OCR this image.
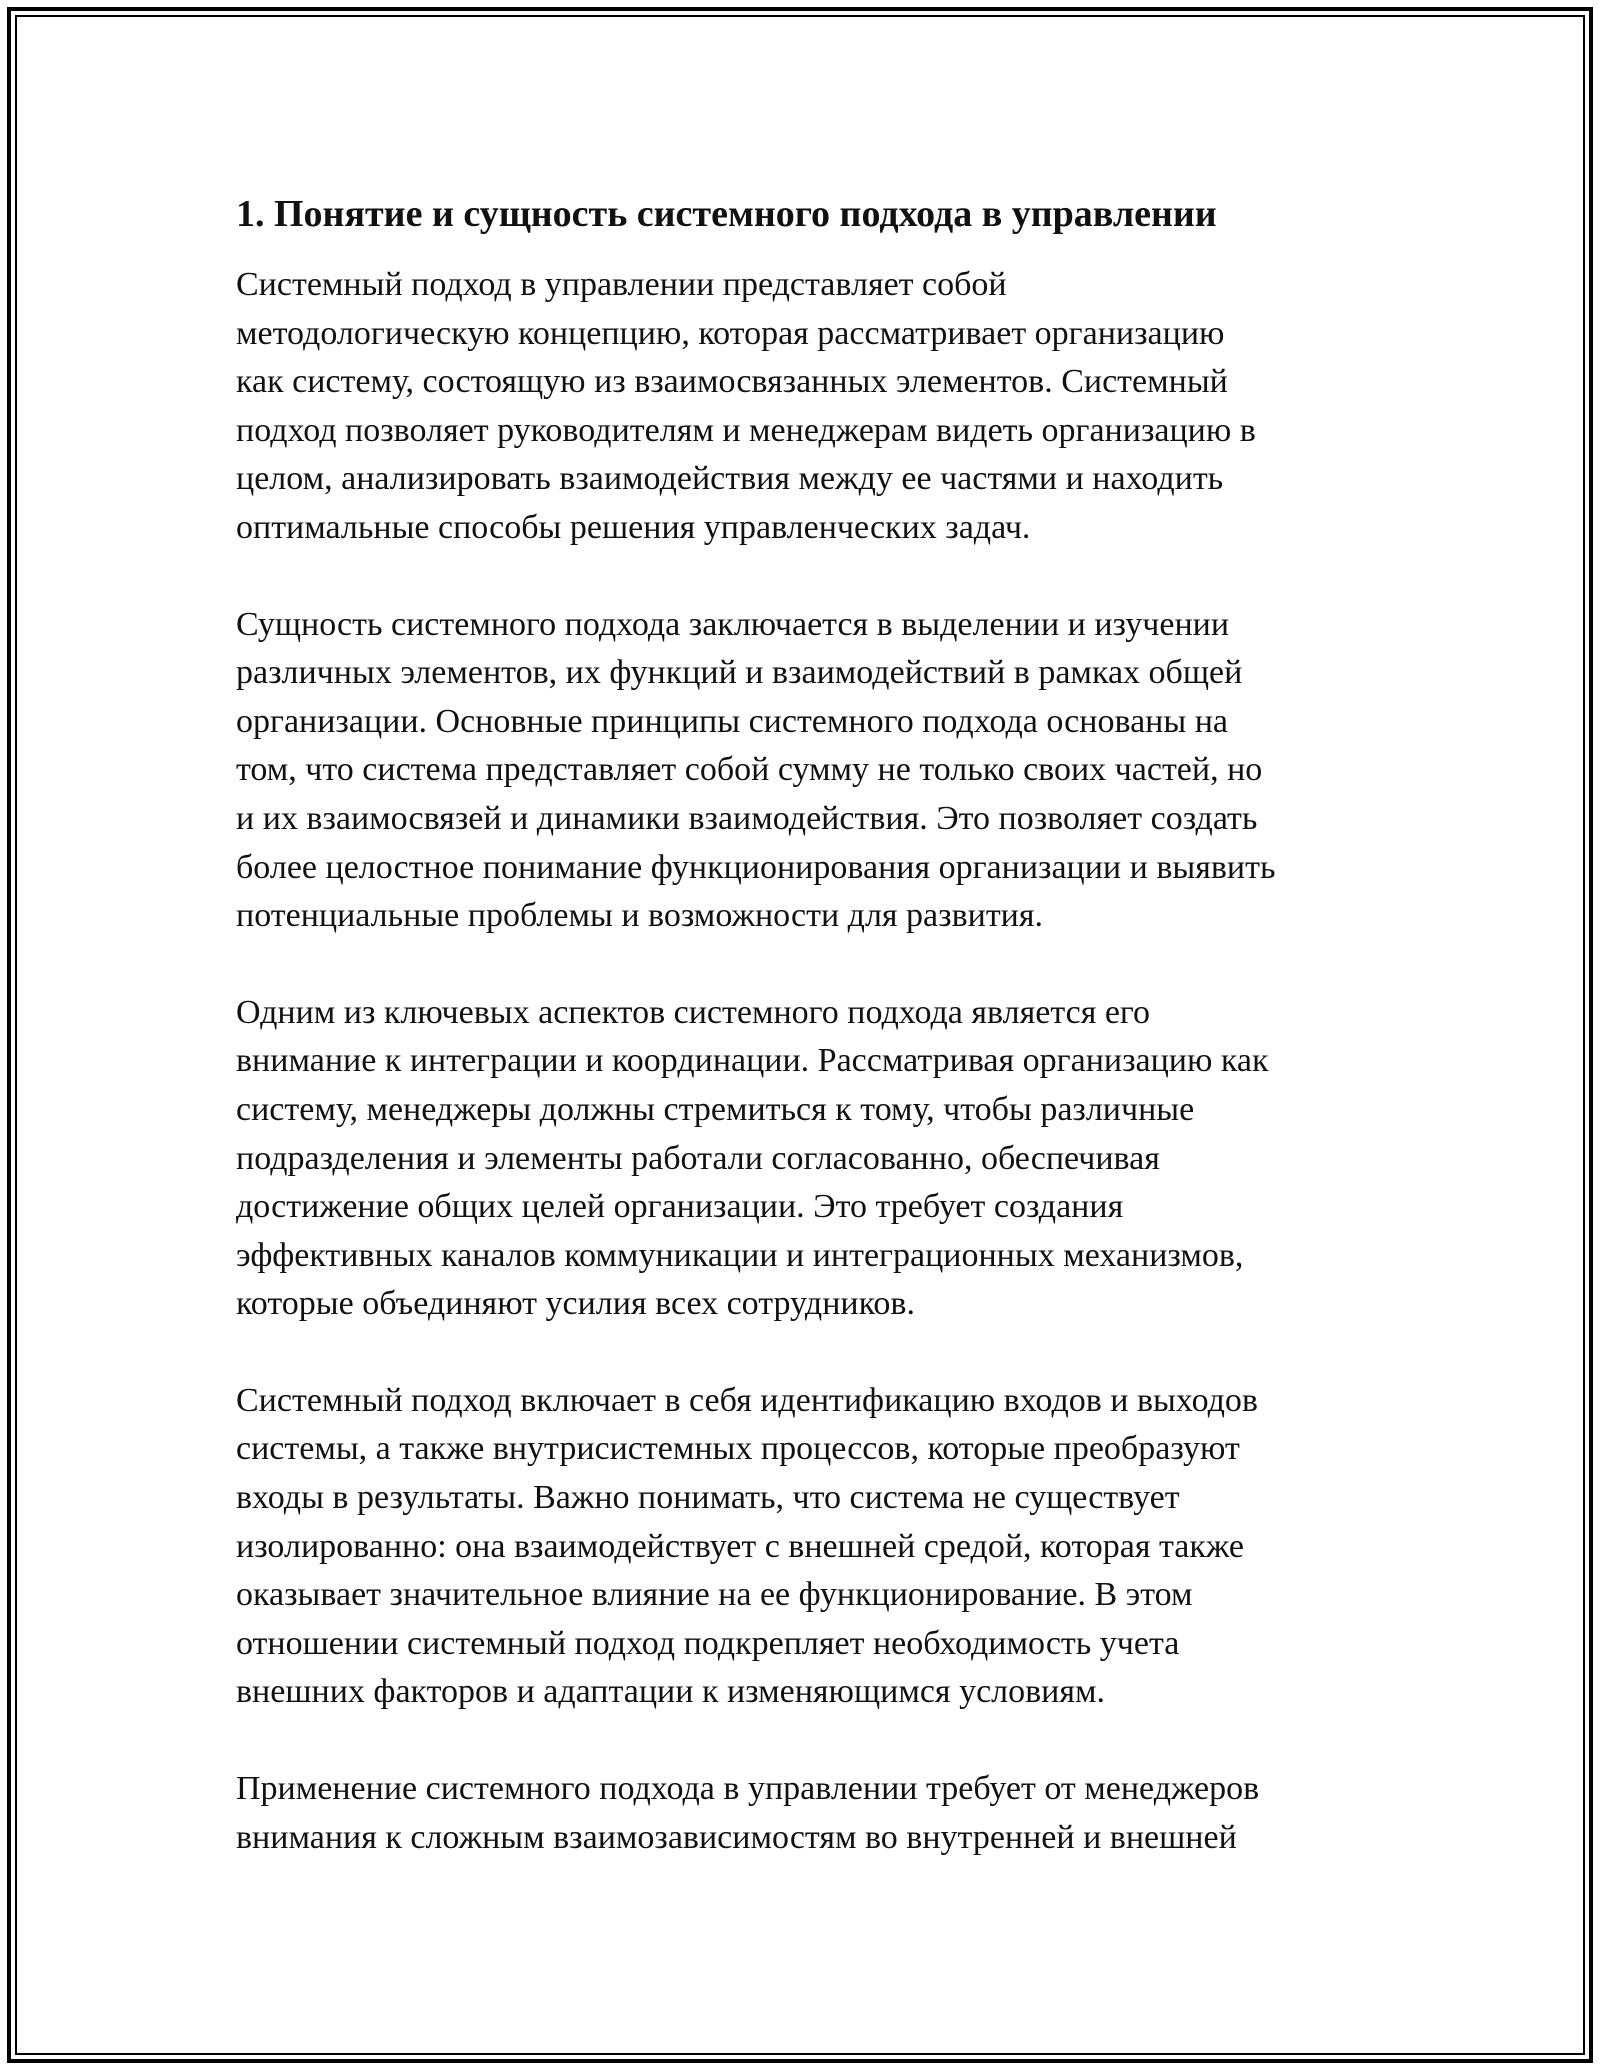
1. Понятие и сущность системного подхода в управлении

Системный подход в управлении представляет собой
методологическую концепцию, которая рассматривает организацию
как систему, состоящую из взаимосвязанных элементов. Системный
подход позволяет руководителям и менеджерам видеть организацию в
целом, анализировать взаимодействия между ее частями и находить
оптимальные способы решения управленческих задач.

Сущность системного подхода заключается в выделении и изучении
различных элементов, их функций и взаимодействий в рамках общей
организации. Основные принципы системного подхода основаны на
том, что система представляет собой сумму не только своих частей, но
и их взаимосвязей и динамики взаимодействия. Это позволяет создать
более целостное понимание функционирования организации и выявить
потенциальные проблемы и возможности для развития.

Одним из ключевых аспектов системного подхода является его
внимание к интеграции и координации. Рассматривая организацию как
систему, менеджеры должны стремиться к тому, чтобы различные
подразделения и элементы работали согласованно, обеспечивая
достижение общих целей организации. Это требует создания
эффективных каналов коммуникации и интеграционных механизмов,
которые объединяют усилия всех сотрудников.

Системный подход включает в себя идентификацию входов и выходов
системы, а также внутрисистемных процессов, которые преобразуют
входы в результаты. Важно понимать, что система не существует
изолированно: она взаимодействует с внешней средой, которая также
оказывает значительное влияние на ее функционирование. В этом
отношении системный подход подкрепляет необходимость учета
внешних факторов и адаптации к изменяющимся условиям.

Применение системного подхода в управлении требует от менеджеров
внимания к сложным взаимозависимостям во внутренней и внешней
